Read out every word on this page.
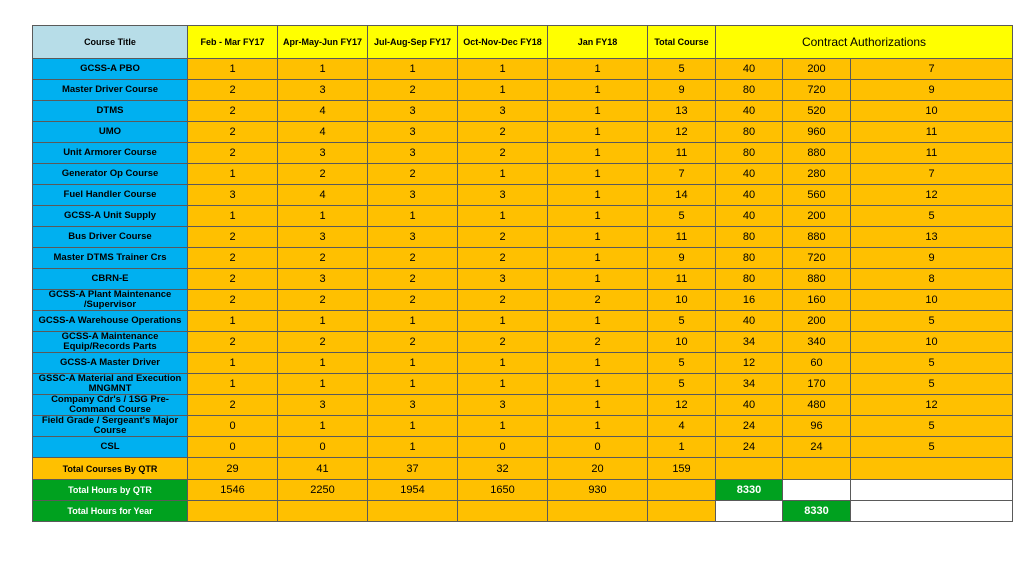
Course Title	Feb - Mar FY17	Apr-May-Jun FY17	Jul-Aug-Sep FY17	Oct-Nov-Dec FY18	Jan FY18	Total Course	Contract Authorizations		
GCSS-A PBO	1	1	1	1	1	5	40	200	7
Master Driver Course	2	3	2	1	1	9	80	720	9
DTMS	2	4	3	3	1	13	40	520	10
UMO	2	4	3	2	1	12	80	960	11
Unit Armorer Course	2	3	3	2	1	11	80	880	11
Generator Op Course	1	2	2	1	1	7	40	280	7
Fuel Handler Course	3	4	3	3	1	14	40	560	12
GCSS-A Unit Supply	1	1	1	1	1	5	40	200	5
Bus Driver Course	2	3	3	2	1	11	80	880	13
Master DTMS Trainer Crs	2	2	2	2	1	9	80	720	9
CBRN-E	2	3	2	3	1	11	80	880	8
GCSS-A Plant Maintenance /Supervisor	2	2	2	2	2	10	16	160	10
GCSS-A Warehouse Operations	1	1	1	1	1	5	40	200	5
GCSS-A Maintenance Equip/Records Parts	2	2	2	2	2	10	34	340	10
GCSS-A Master Driver	1	1	1	1	1	5	12	60	5
GSSC-A Material and Execution MNGMNT	1	1	1	1	1	5	34	170	5
Company Cdr's / 1SG Pre-Command Course	2	3	3	3	1	12	40	480	12
Field Grade / Sergeant's Major Course	0	1	1	1	1	4	24	96	5
CSL	0	0	1	0	0	1	24	24	5
Total Courses By QTR	29	41	37	32	20	159			
Total Hours by QTR	1546	2250	1954	1650	930		8330		
Total Hours for Year								8330	
